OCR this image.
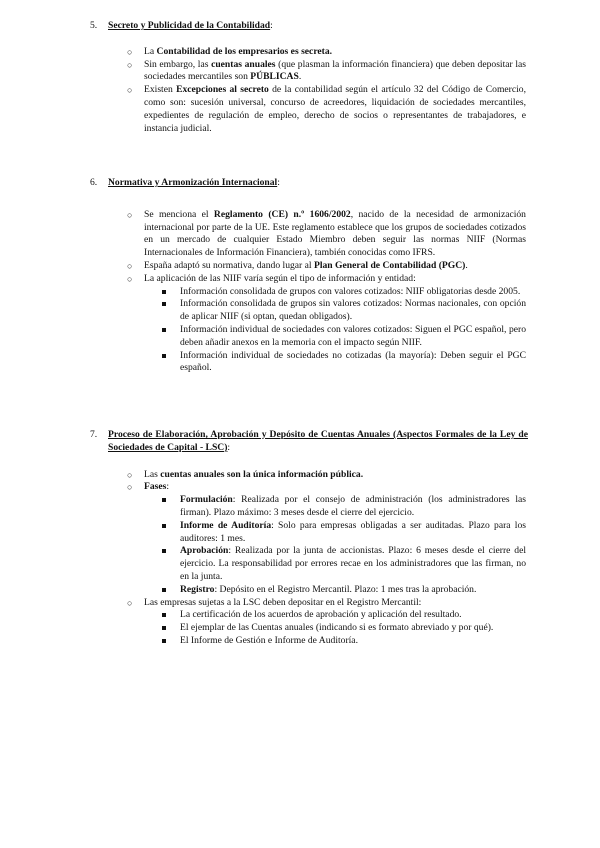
5. Secreto y Publicidad de la Contabilidad:
○ La Contabilidad de los empresarios es secreta.
○ Sin embargo, las cuentas anuales (que plasman la información financiera) que deben depositar las sociedades mercantiles son PÚBLICAS.
○ Existen Excepciones al secreto de la contabilidad según el artículo 32 del Código de Comercio, como son: sucesión universal, concurso de acreedores, liquidación de sociedades mercantiles, expedientes de regulación de empleo, derecho de socios o representantes de trabajadores, e instancia judicial.
6. Normativa y Armonización Internacional:
○ Se menciona el Reglamento (CE) n.º 1606/2002, nacido de la necesidad de armonización internacional por parte de la UE. Este reglamento establece que los grupos de sociedades cotizados en un mercado de cualquier Estado Miembro deben seguir las normas NIIF (Normas Internacionales de Información Financiera), también conocidas como IFRS.
○ España adaptó su normativa, dando lugar al Plan General de Contabilidad (PGC).
○ La aplicación de las NIIF varía según el tipo de información y entidad:
Información consolidada de grupos con valores cotizados: NIIF obligatorias desde 2005.
Información consolidada de grupos sin valores cotizados: Normas nacionales, con opción de aplicar NIIF (si optan, quedan obligados).
Información individual de sociedades con valores cotizados: Siguen el PGC español, pero deben añadir anexos en la memoria con el impacto según NIIF.
Información individual de sociedades no cotizadas (la mayoría): Deben seguir el PGC español.
7. Proceso de Elaboración, Aprobación y Depósito de Cuentas Anuales (Aspectos Formales de la Ley de Sociedades de Capital - LSC):
○ Las cuentas anuales son la única información pública.
○ Fases:
Formulación: Realizada por el consejo de administración (los administradores las firman). Plazo máximo: 3 meses desde el cierre del ejercicio.
Informe de Auditoría: Solo para empresas obligadas a ser auditadas. Plazo para los auditores: 1 mes.
Aprobación: Realizada por la junta de accionistas. Plazo: 6 meses desde el cierre del ejercicio. La responsabilidad por errores recae en los administradores que las firman, no en la junta.
Registro: Depósito en el Registro Mercantil. Plazo: 1 mes tras la aprobación.
○ Las empresas sujetas a la LSC deben depositar en el Registro Mercantil:
La certificación de los acuerdos de aprobación y aplicación del resultado.
El ejemplar de las Cuentas anuales (indicando si es formato abreviado y por qué).
El Informe de Gestión e Informe de Auditoría.
